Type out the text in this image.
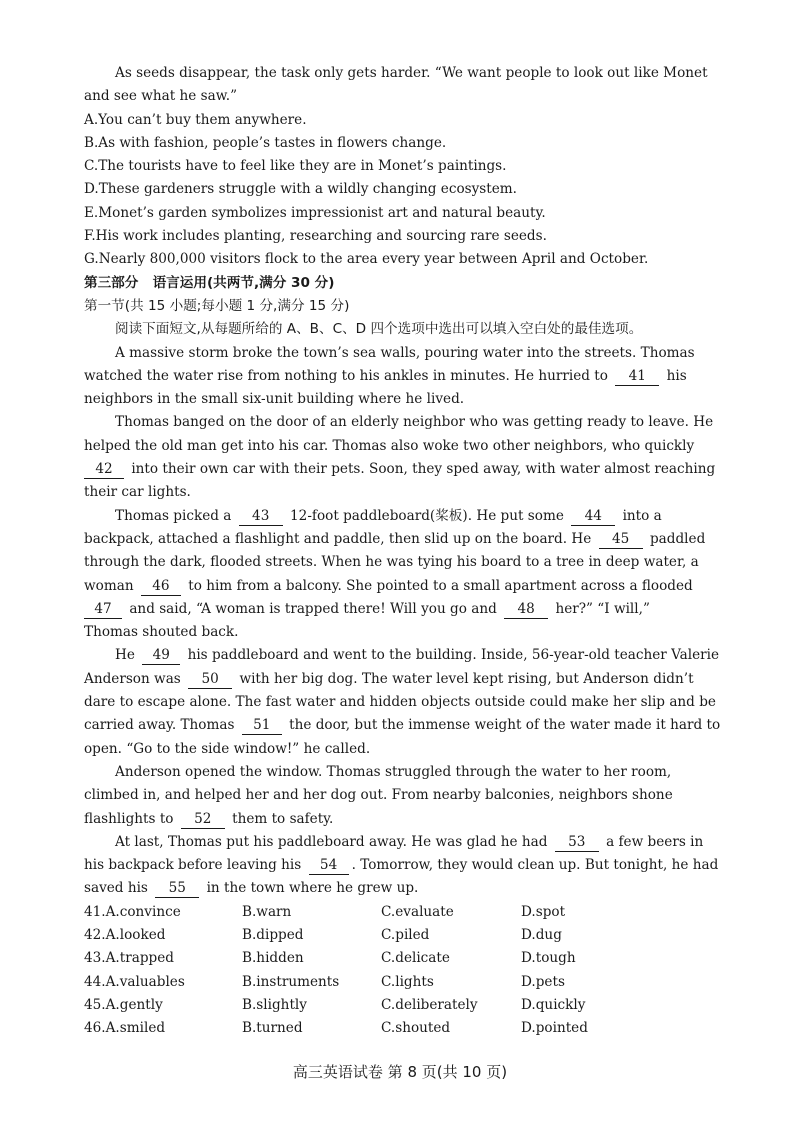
As seeds disappear, the task only gets harder. “We want people to look out like Monet
and see what he saw.”
A.You can’t buy them anywhere.
B.As with fashion, people’s tastes in flowers change.
C.The tourists have to feel like they are in Monet’s paintings.
D.These gardeners struggle with a wildly changing ecosystem.
E.Monet’s garden symbolizes impressionist art and natural beauty.
F.His work includes planting, researching and sourcing rare seeds.
G.Nearly 800,000 visitors flock to the area every year between April and October.
第三部分 语言运用(共两节,满分 30 分)
第一节(共 15 小题;每小题 1 分,满分 15 分)
阅读下面短文,从每题所给的 A、B、C、D 四个选项中选出可以填入空白处的最佳选项。
A massive storm broke the town’s sea walls, pouring water into the streets. Thomas
watched the water rise from nothing to his ankles in minutes. He hurried to 41 his
neighbors in the small six-unit building where he lived.
Thomas banged on the door of an elderly neighbor who was getting ready to leave. He
helped the old man get into his car. Thomas also woke two other neighbors, who quickly
42 into their own car with their pets. Soon, they sped away, with water almost reaching
their car lights.
Thomas picked a 43 12-foot paddleboard(桨板). He put some 44 into a
backpack, attached a flashlight and paddle, then slid up on the board. He 45 paddled
through the dark, flooded streets. When he was tying his board to a tree in deep water, a
woman 46 to him from a balcony. She pointed to a small apartment across a flooded
47 and said, “A woman is trapped there! Will you go and 48 her?” “I will,”
Thomas shouted back.
He 49 his paddleboard and went to the building. Inside, 56-year-old teacher Valerie
Anderson was 50 with her big dog. The water level kept rising, but Anderson didn’t
dare to escape alone. The fast water and hidden objects outside could make her slip and be
carried away. Thomas 51 the door, but the immense weight of the water made it hard to
open. “Go to the side window!” he called.
Anderson opened the window. Thomas struggled through the water to her room,
climbed in, and helped her and her dog out. From nearby balconies, neighbors shone
flashlights to 52 them to safety.
At last, Thomas put his paddleboard away. He was glad he had 53 a few beers in
his backpack before leaving his 54 . Tomorrow, they would clean up. But tonight, he had
saved his 55 in the town where he grew up.
41.A.convince	B.warn	C.evaluate	D.spot
42.A.looked	B.dipped	C.piled	D.dug
43.A.trapped	B.hidden	C.delicate	D.tough
44.A.valuables	B.instruments	C.lights	D.pets
45.A.gently	B.slightly	C.deliberately	D.quickly
46.A.smiled	B.turned	C.shouted	D.pointed
高三英语试卷 第 8 页(共 10 页)
